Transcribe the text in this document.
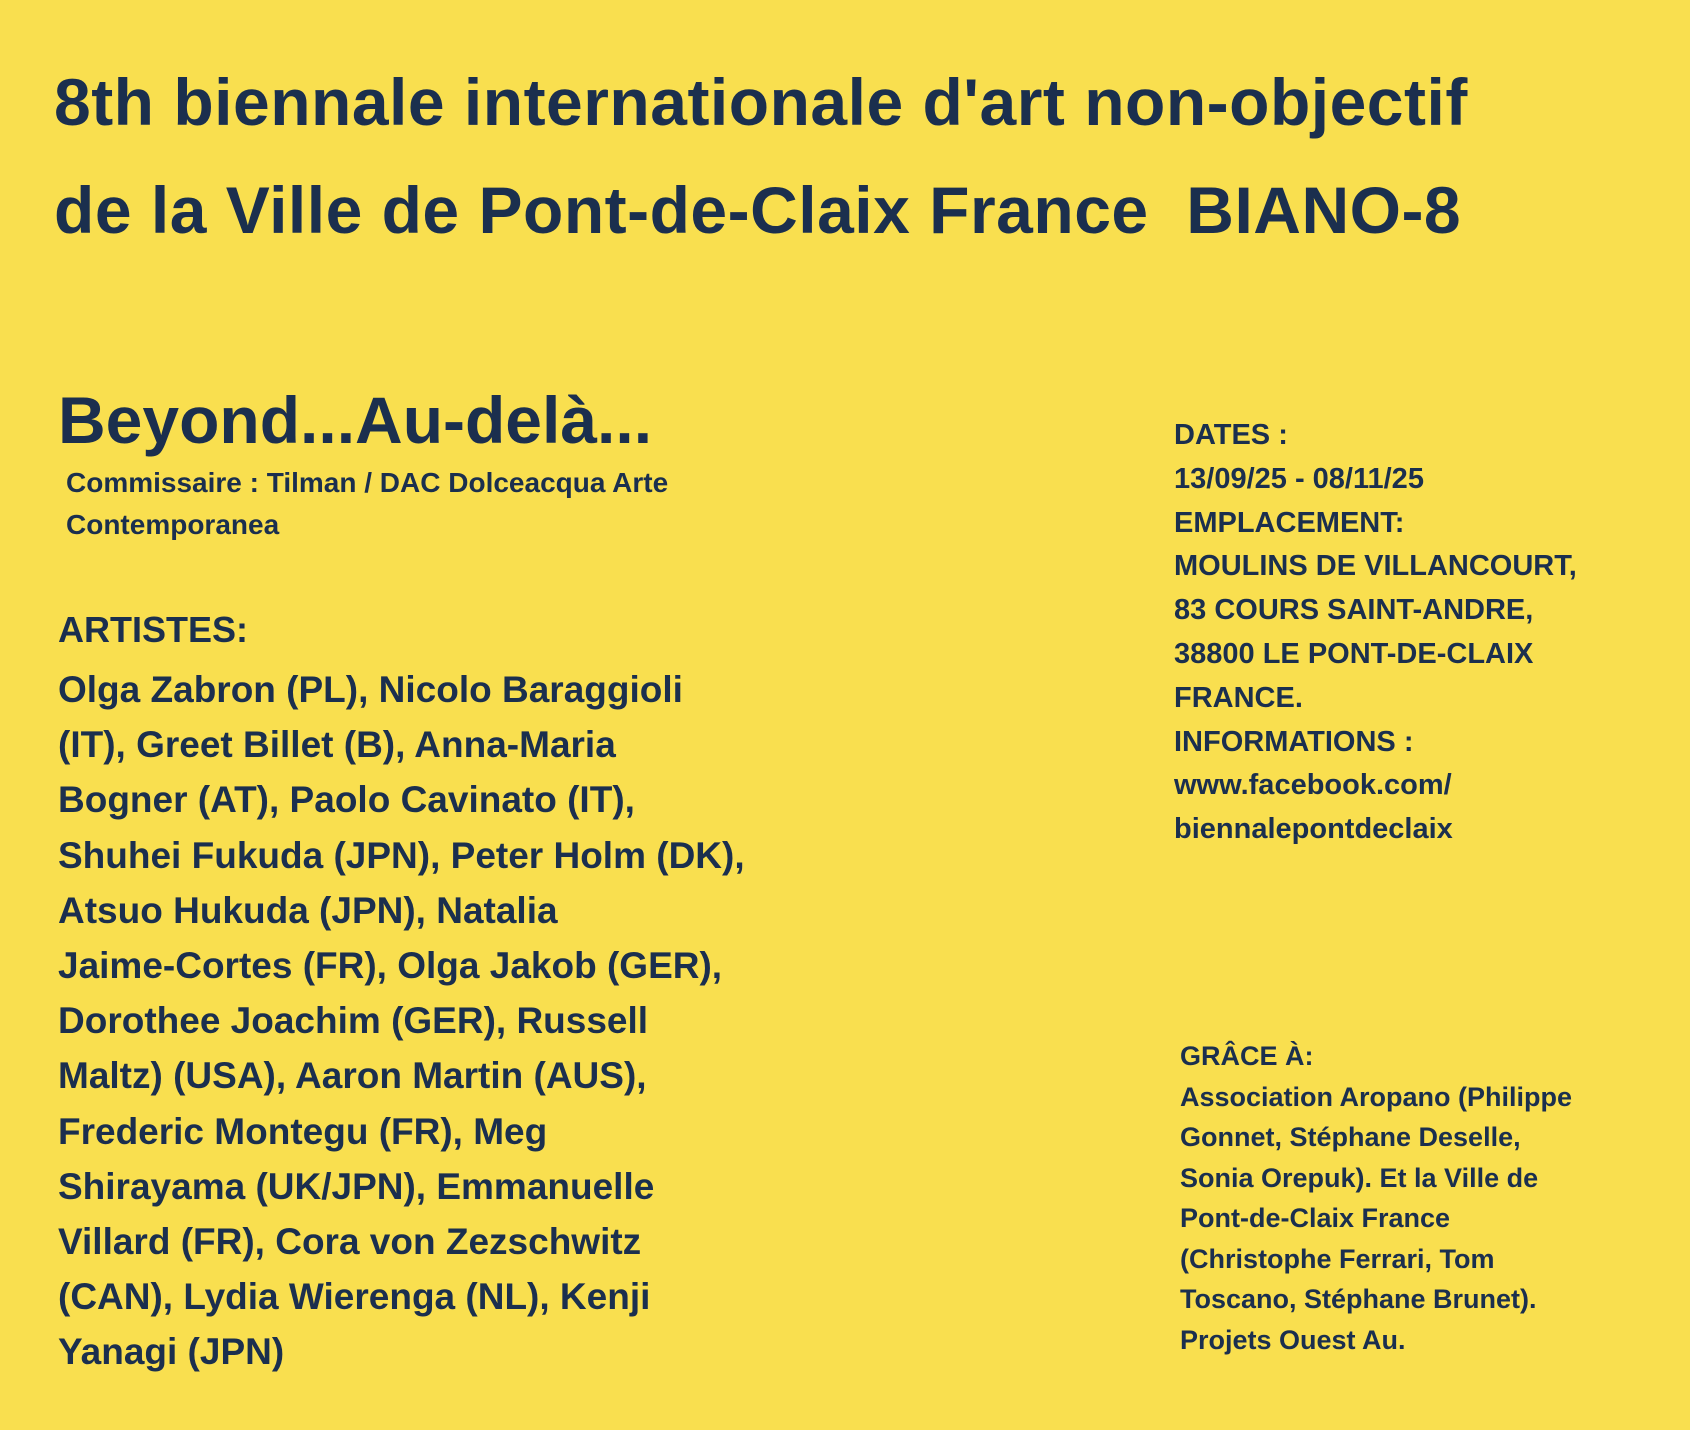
8th biennale internationale d'art non-objectif
de la Ville de Pont-de-Claix France  BIANO-8
Beyond...Au-delà...

Commissaire : Tilman / DAC Dolceacqua Arte Contemporanea

ARTISTES:

Olga Zabron (PL), Nicolo Baraggioli
(IT), Greet Billet (B), Anna-Maria
Bogner (AT), Paolo Cavinato (IT),
Shuhei Fukuda (JPN), Peter Holm (DK),
Atsuo Hukuda (JPN), Natalia
Jaime-Cortes (FR), Olga Jakob (GER),
Dorothee Joachim (GER), Russell
Maltz) (USA), Aaron Martin (AUS),
Frederic Montegu (FR), Meg
Shirayama (UK/JPN), Emmanuelle
Villard (FR), Cora von Zezschwitz
(CAN), Lydia Wierenga (NL), Kenji
Yanagi (JPN)

DATES :
13/09/25 - 08/11/25
EMPLACEMENT:
MOULINS DE VILLANCOURT,
83 COURS SAINT-ANDRE,
38800 LE PONT-DE-CLAIX
FRANCE.
INFORMATIONS :
www.facebook.com/
biennalepontdeclaix
GRÂCE À:
Association Aropano (Philippe
Gonnet, Stéphane Deselle,
Sonia Orepuk). Et la Ville de
Pont-de-Claix France
(Christophe Ferrari, Tom
Toscano, Stéphane Brunet).
Projets Ouest Au.
